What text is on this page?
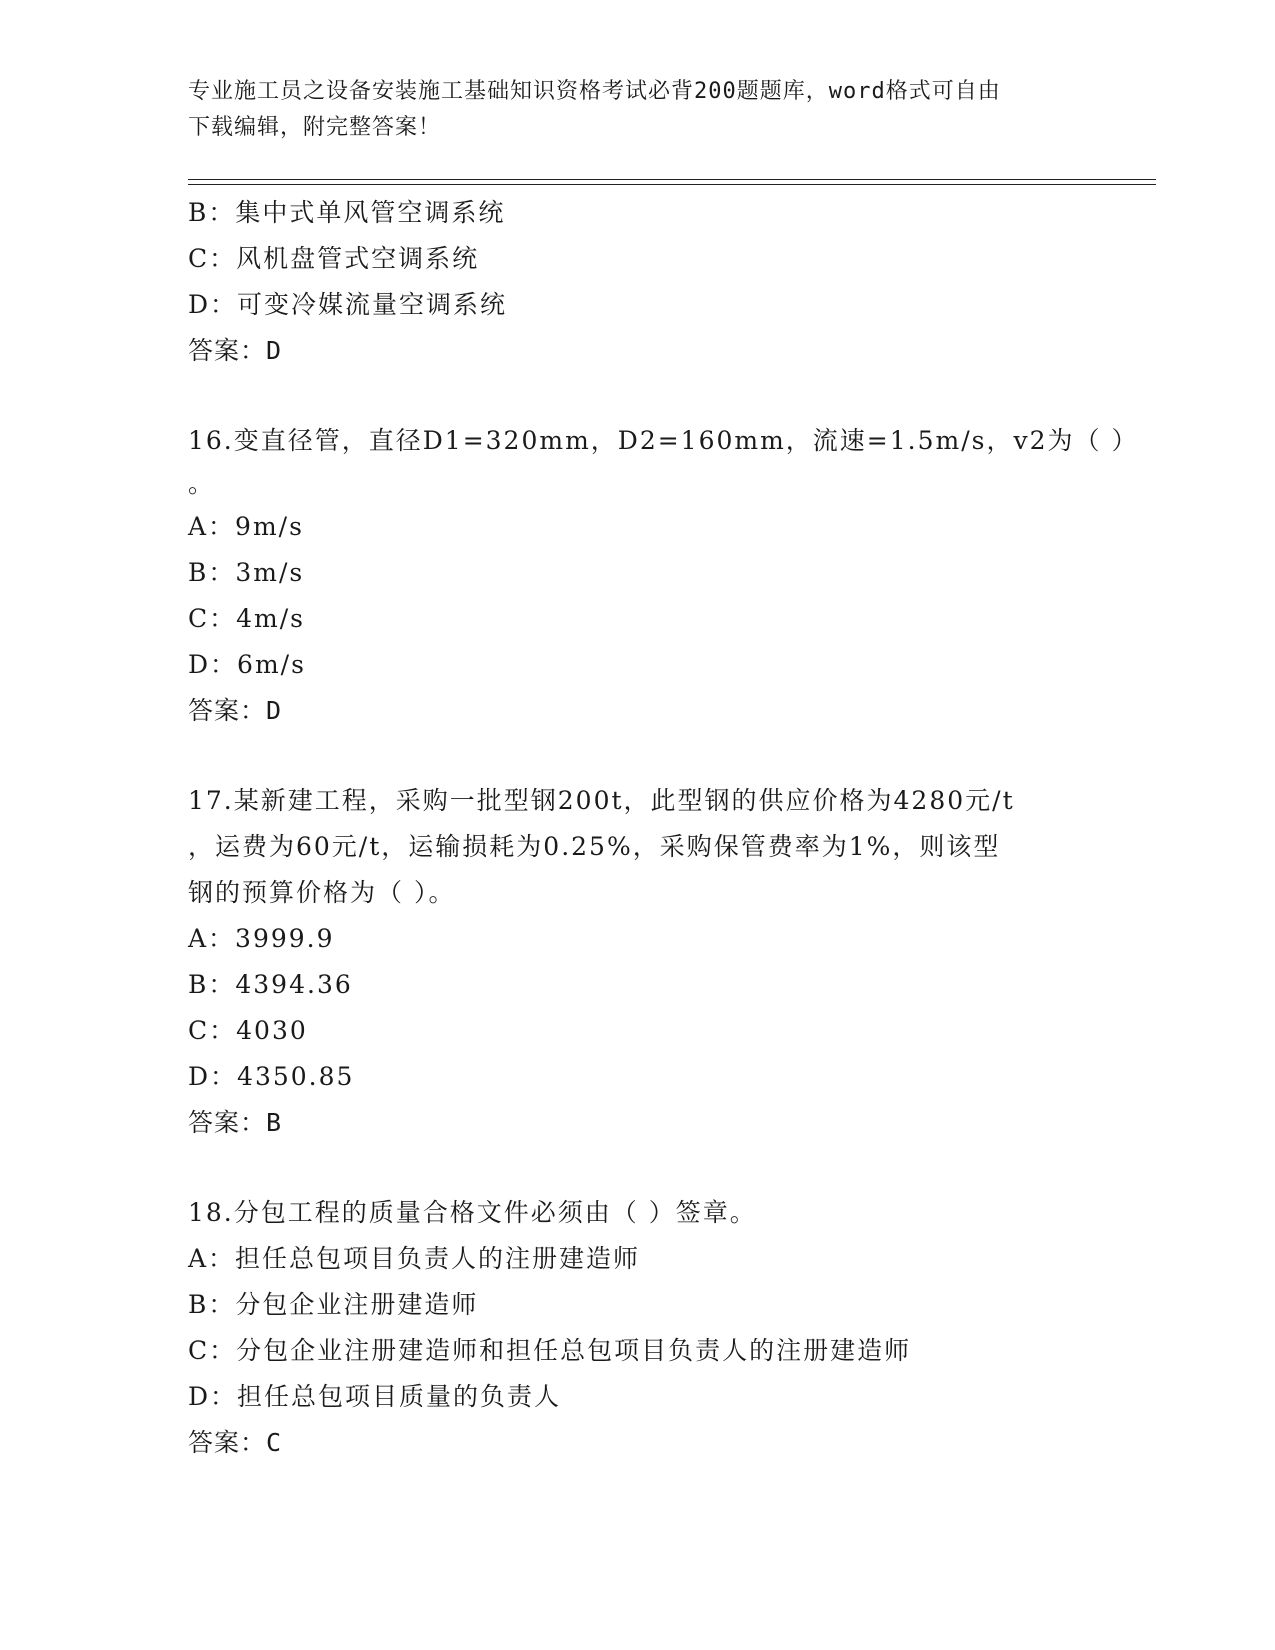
专业施工员之设备安装施工基础知识资格考试必背200题题库，word格式可自由
下载编辑，附完整答案！
B：集中式单风管空调系统
C：风机盘管式空调系统
D：可变冷媒流量空调系统
答案：D
16.变直径管，直径D1=320mm，D2=160mm，流速=1.5m/s，v2为（ ）
。
A：9m/s
B：3m/s
C：4m/s
D：6m/s
答案：D
17.某新建工程，采购一批型钢200t，此型钢的供应价格为4280元/t
，运费为60元/t，运输损耗为0.25%，采购保管费率为1%，则该型
钢的预算价格为（ ）。
A：3999.9
B：4394.36
C：4030
D：4350.85
答案：B
18.分包工程的质量合格文件必须由（ ）签章。
A：担任总包项目负责人的注册建造师
B：分包企业注册建造师
C：分包企业注册建造师和担任总包项目负责人的注册建造师
D：担任总包项目质量的负责人
答案：C
